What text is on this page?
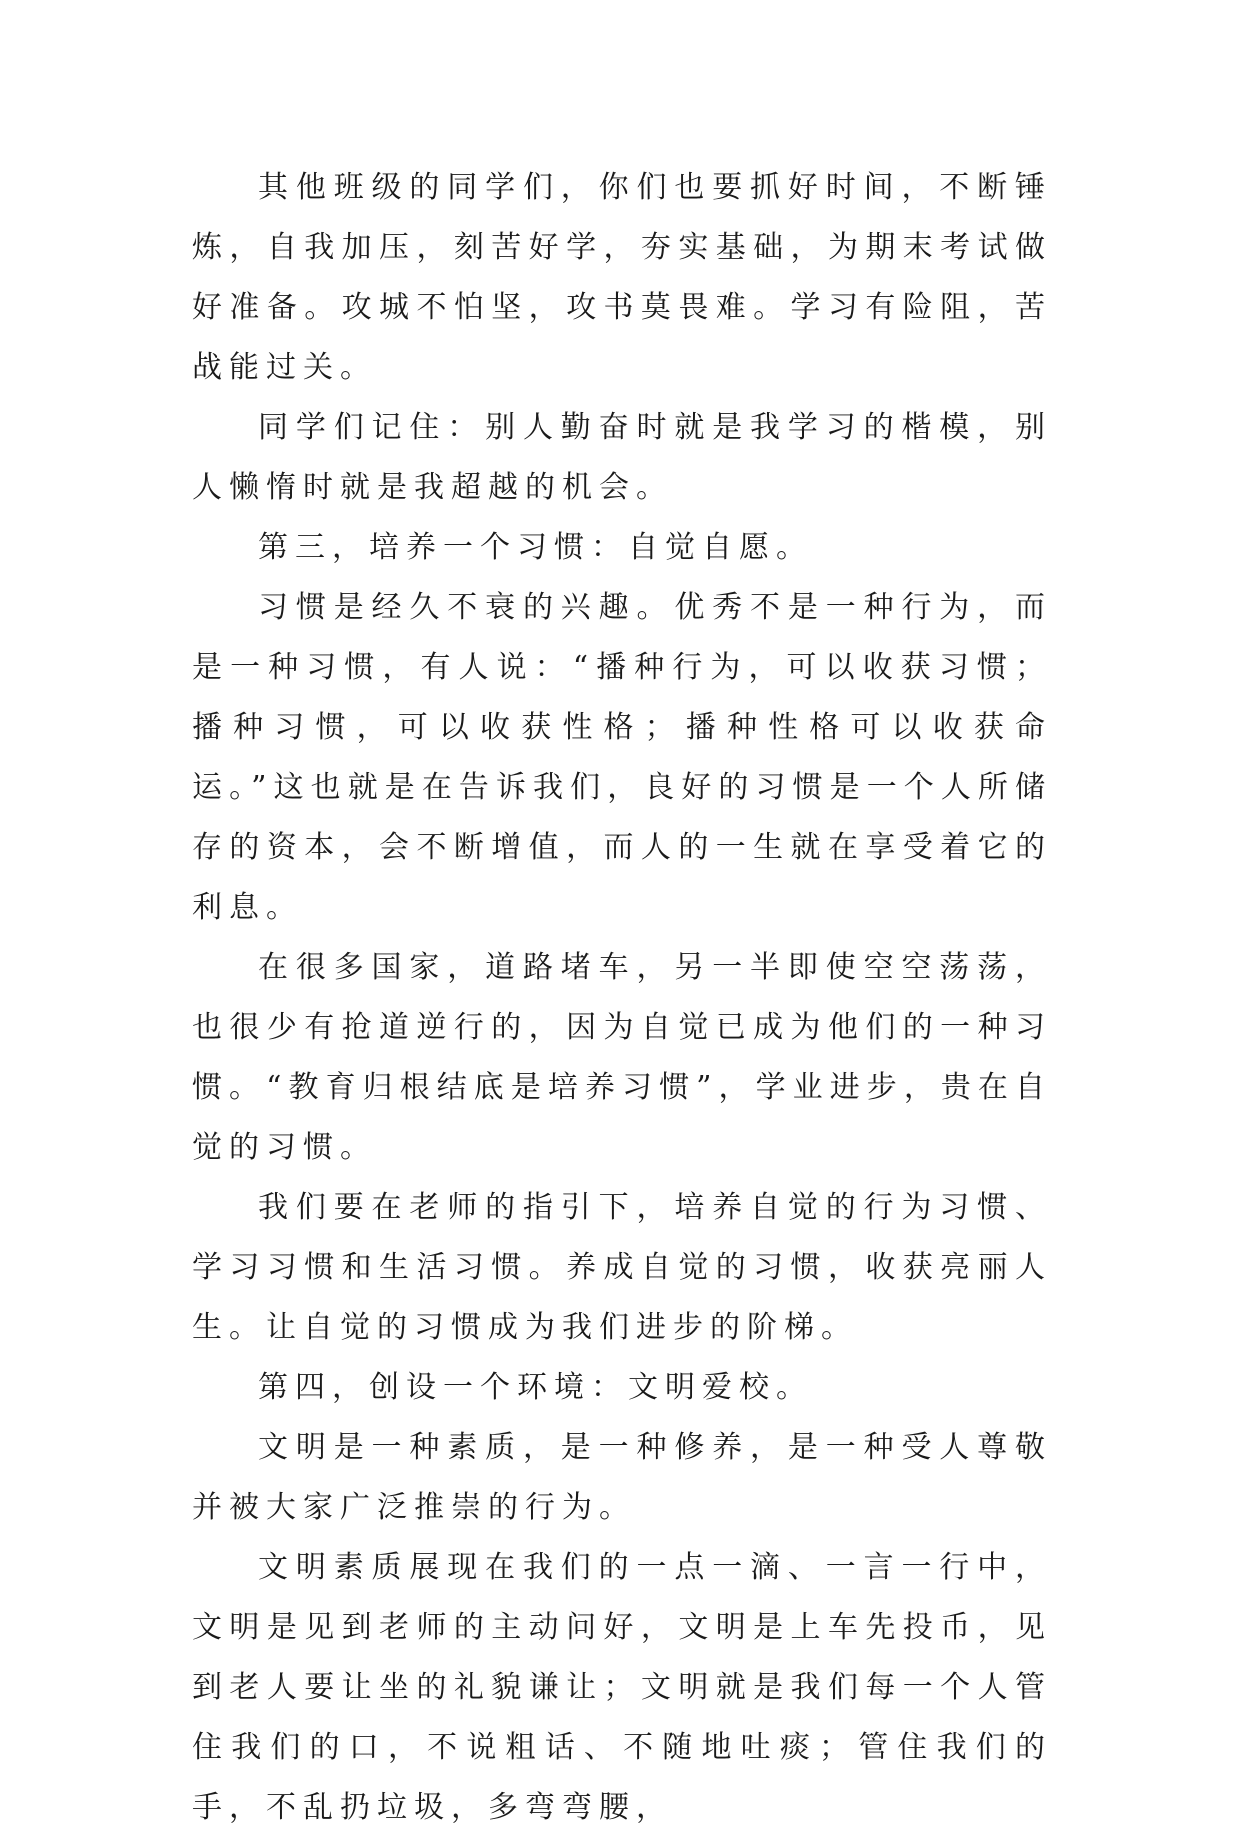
其他班级的同学们，你们也要抓好时间，不断锤炼，自我加压，刻苦好学，夯实基础，为期末考试做好准备。攻城不怕坚，攻书莫畏难。学习有险阻，苦战能过关。

同学们记住：别人勤奋时就是我学习的楷模，别人懒惰时就是我超越的机会。

第三，培养一个习惯：自觉自愿。

习惯是经久不衰的兴趣。优秀不是一种行为，而是一种习惯，有人说：“播种行为，可以收获习惯；播种习惯，可以收获性格；播种性格可以收获命运。”这也就是在告诉我们，良好的习惯是一个人所储存的资本，会不断增值，而人的一生就在享受着它的利息。

在很多国家，道路堵车，另一半即使空空荡荡，也很少有抢道逆行的，因为自觉已成为他们的一种习惯。“教育归根结底是培养习惯”，学业进步，贵在自觉的习惯。

我们要在老师的指引下，培养自觉的行为习惯、学习习惯和生活习惯。养成自觉的习惯，收获亮丽人生。让自觉的习惯成为我们进步的阶梯。

第四，创设一个环境：文明爱校。

文明是一种素质，是一种修养，是一种受人尊敬并被大家广泛推崇的行为。

文明素质展现在我们的一点一滴、一言一行中，文明是见到老师的主动问好，文明是上车先投币，见到老人要让坐的礼貌谦让；文明就是我们每一个人管住我们的口，不说粗话、不随地吐痰；管住我们的手，不乱扔垃圾，多弯弯腰，
